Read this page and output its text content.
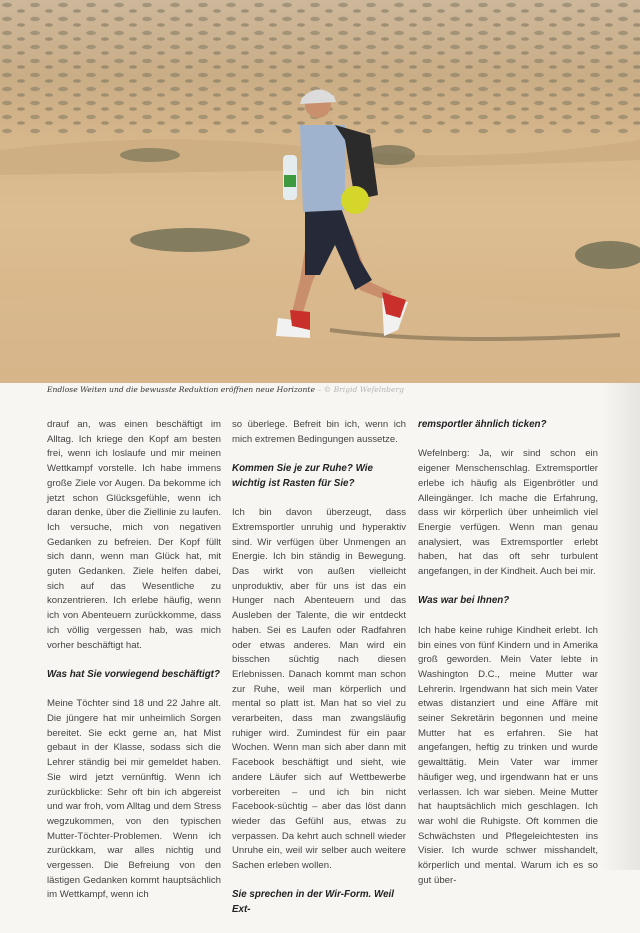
Endlose Weiten und die bewusste Reduktion eröffnen neue Horizonte – © Brigid Wefelnberg

drauf an, was einen beschäftigt im Alltag. Ich kriege den Kopf am besten frei, wenn ich loslaufe und mir meinen Wettkampf vorstelle. Ich habe immens große Ziele vor Augen. Da bekomme ich jetzt schon Glücksgefühle, wenn ich daran denke, über die Ziellinie zu laufen. Ich versuche, mich von negativen Gedanken zu befreien. Der Kopf füllt sich dann, wenn man Glück hat, mit guten Gedanken. Ziele helfen dabei, sich auf das Wesentliche zu konzentrieren. Ich erlebe häufig, wenn ich von Abenteuern zurückkomme, dass ich völlig vergessen hab, was mich vorher beschäftigt hat.

Was hat Sie vorwiegend beschäftigt?

Meine Töchter sind 18 und 22 Jahre alt. Die jüngere hat mir unheimlich Sorgen bereitet. Sie eckt gerne an, hat Mist gebaut in der Klasse, sodass sich die Lehrer ständig bei mir gemeldet haben. Sie wird jetzt vernünftig. Wenn ich zurückblicke: Sehr oft bin ich abgereist und war froh, vom Alltag und dem Stress wegzukommen, von den typischen Mutter-Töchter-Problemen. Wenn ich zurückkam, war alles nichtig und vergessen. Die Befreiung von den lästigen Gedanken kommt hauptsächlich im Wettkampf, wenn ich

so überlege. Befreit bin ich, wenn ich mich extremen Bedingungen aussetze.

Kommen Sie je zur Ruhe? Wie wichtig ist Rasten für Sie?

Ich bin davon überzeugt, dass Extremsportler unruhig und hyperaktiv sind. Wir verfügen über Unmengen an Energie. Ich bin ständig in Bewegung. Das wirkt von außen vielleicht unproduktiv, aber für uns ist das ein Hunger nach Abenteuern und das Ausleben der Talente, die wir entdeckt haben. Sei es Laufen oder Radfahren oder etwas anderes. Man wird ein bisschen süchtig nach diesen Erlebnissen. Danach kommt man schon zur Ruhe, weil man körperlich und mental so platt ist. Man hat so viel zu verarbeiten, dass man zwangsläufig ruhiger wird. Zumindest für ein paar Wochen. Wenn man sich aber dann mit Facebook beschäftigt und sieht, wie andere Läufer sich auf Wettbewerbe vorbereiten – und ich bin nicht Facebook-süchtig – aber das löst dann wieder das Gefühl aus, etwas zu verpassen. Da kehrt auch schnell wieder Unruhe ein, weil wir selber auch weitere Sachen erleben wollen.

Sie sprechen in der Wir-Form. Weil Ext-
remsportler ähnlich ticken?

Wefelnberg: Ja, wir sind schon ein eigener Menschenschlag. Extremsportler erlebe ich häufig als Eigenbrötler und Alleingänger. Ich mache die Erfahrung, dass wir körperlich über unheimlich viel Energie verfügen. Wenn man genau analysiert, was Extremsportler erlebt haben, hat das oft sehr turbulent angefangen, in der Kindheit. Auch bei mir.

Was war bei Ihnen?

Ich habe keine ruhige Kindheit erlebt. Ich bin eines von fünf Kindern und in Amerika groß geworden. Mein Vater lebte in Washington D.C., meine Mutter war Lehrerin. Irgendwann hat sich mein Vater etwas distanziert und eine Affäre mit seiner Sekretärin begonnen und meine Mutter hat es erfahren. Sie hat angefangen, heftig zu trinken und wurde gewalttätig. Mein Vater war immer häufiger weg, und irgendwann hat er uns verlassen. Ich war sieben. Meine Mutter hat hauptsächlich mich geschlagen. Ich war wohl die Ruhigste. Oft kommen die Schwächsten und Pflegeleichtesten ins Visier. Ich wurde schwer misshandelt, körperlich und mental. Warum ich es so gut über-
